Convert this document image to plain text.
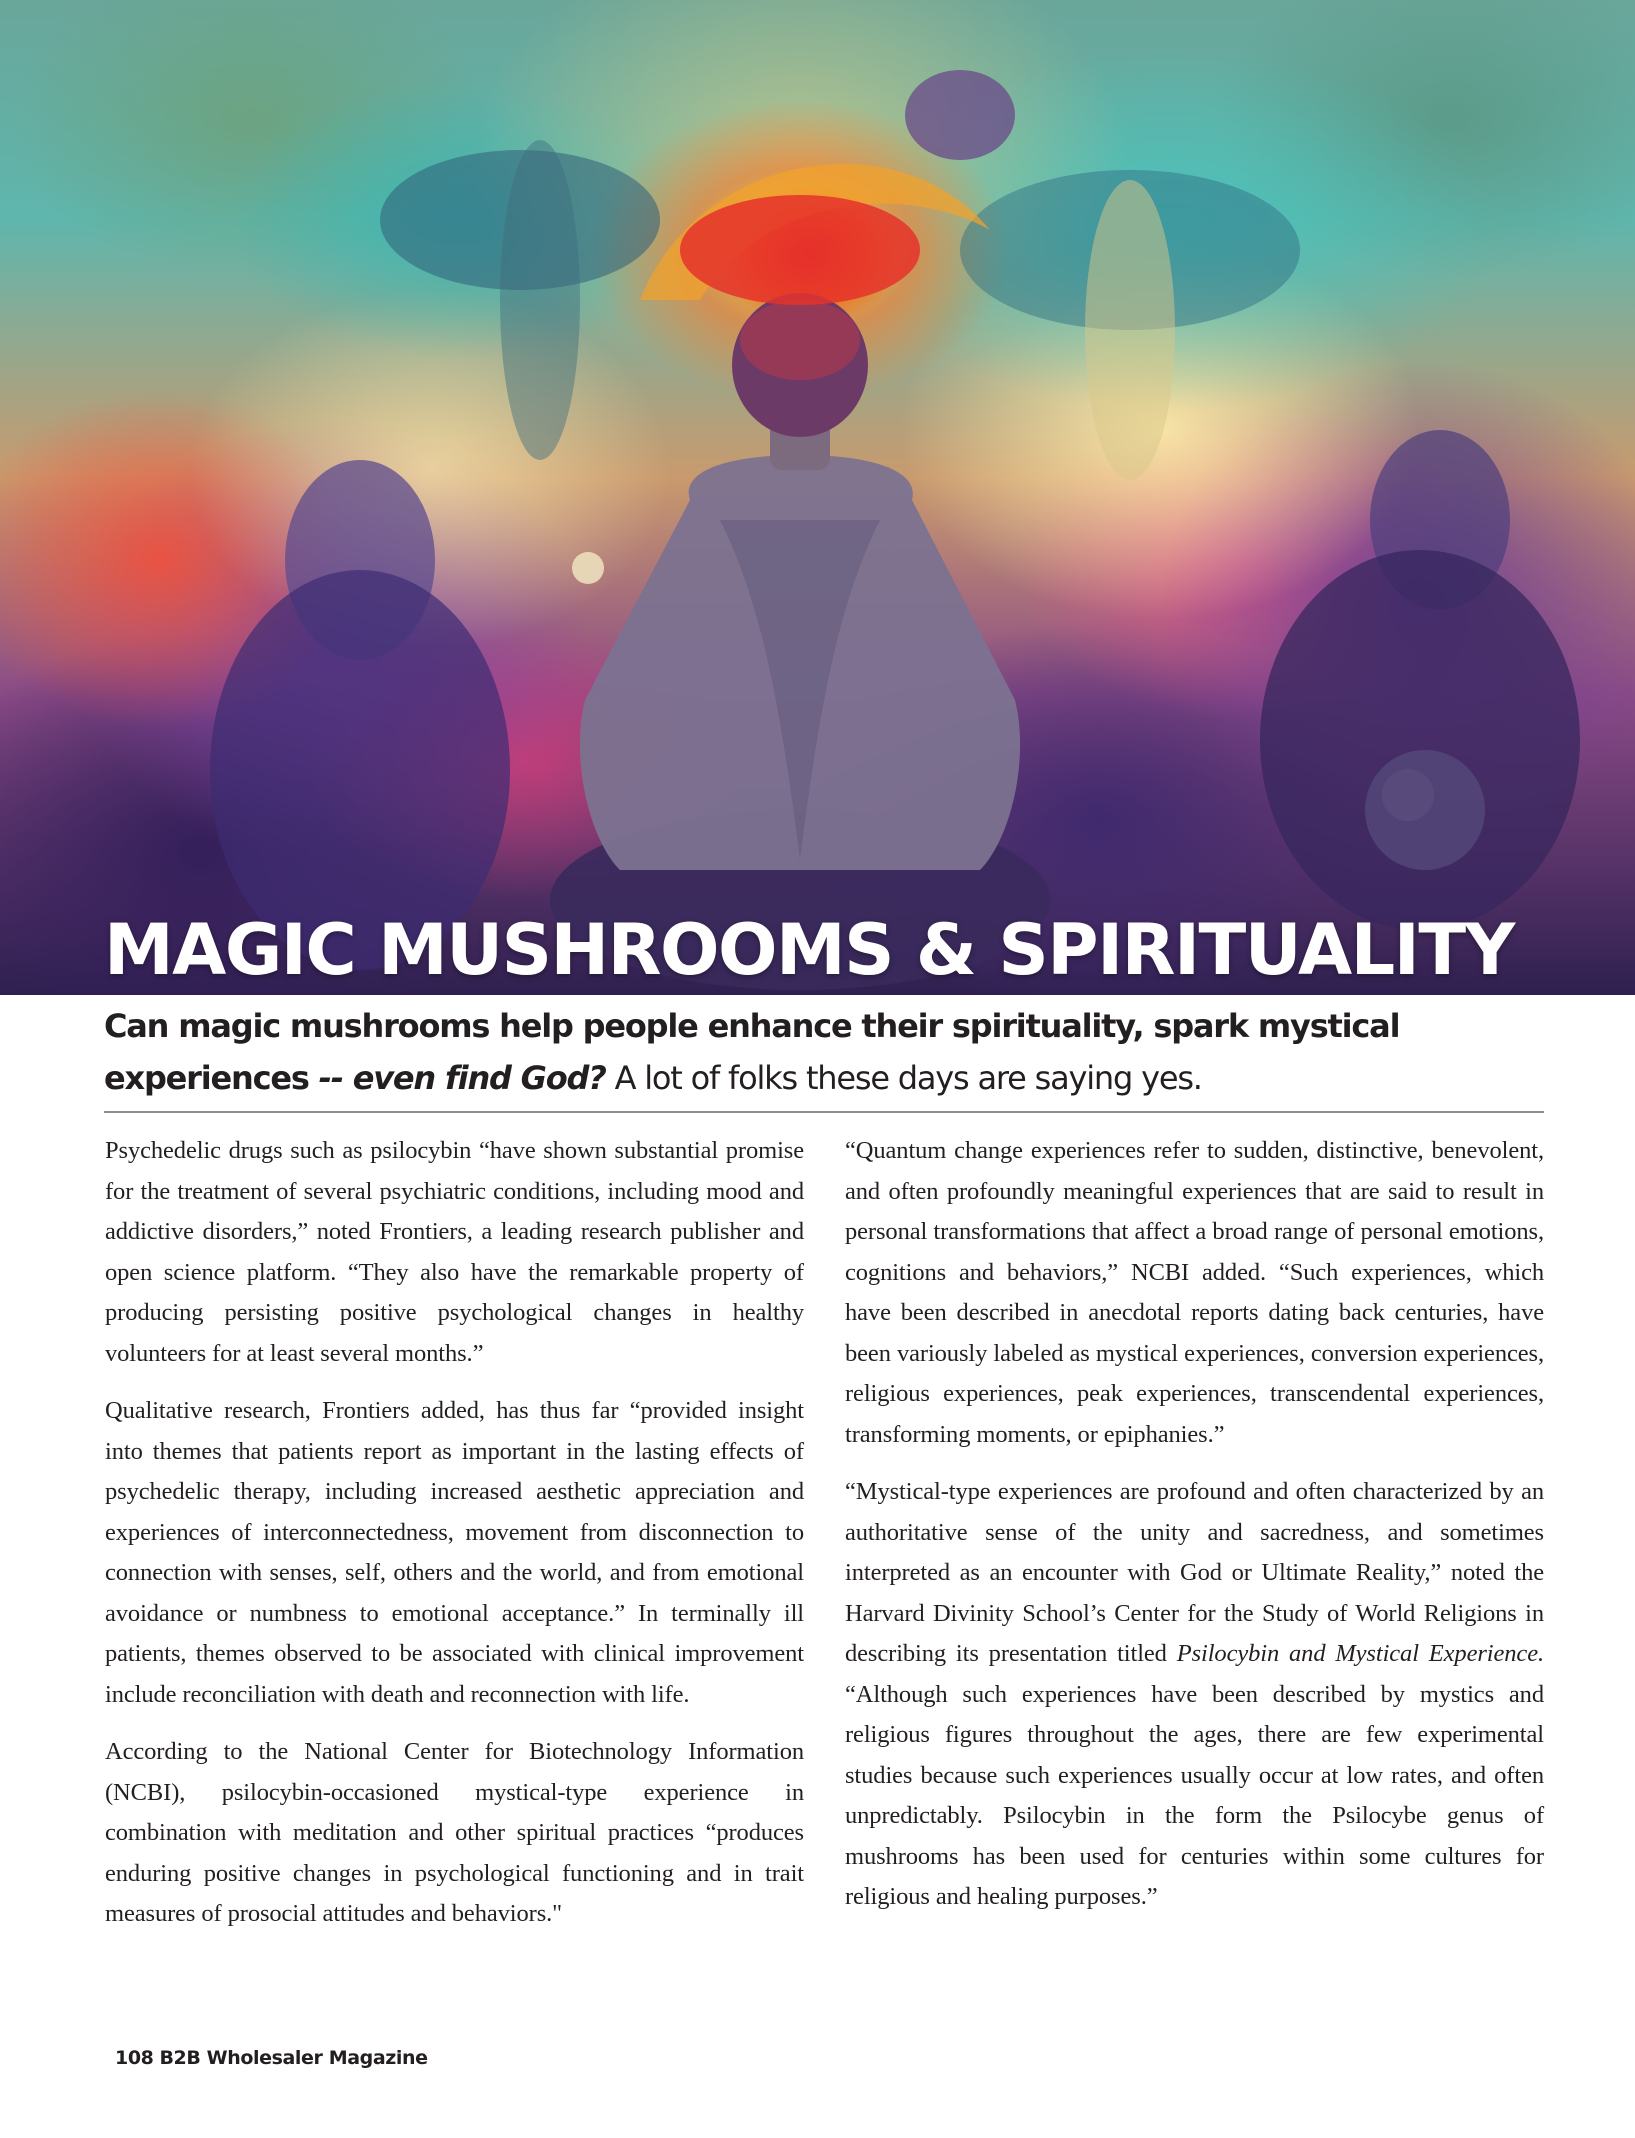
MAGIC MUSHROOMS & SPIRITUALITY
Can magic mushrooms help people enhance their spirituality, spark mystical experiences -- even find God? A lot of folks these days are saying yes.

Psychedelic drugs such as psilocybin “have shown substantial promise for the treatment of several psychiatric conditions, including mood and addictive disorders,” noted Frontiers, a leading research publisher and open science platform. “They also have the remarkable property of producing persisting positive psychological changes in healthy volunteers for at least several months.”

Qualitative research, Frontiers added, has thus far “provided insight into themes that patients report as important in the lasting effects of psychedelic therapy, including increased aesthetic appreciation and experiences of interconnectedness, movement from disconnection to connection with senses, self, others and the world, and from emotional avoidance or numbness to emotional acceptance.” In terminally ill patients, themes observed to be associated with clinical improvement include reconciliation with death and reconnection with life.

According to the National Center for Biotechnology Information (NCBI), psilocybin-occasioned mystical-type experience in combination with meditation and other spiritual practices “produces enduring positive changes in psychological functioning and in trait measures of prosocial attitudes and behaviors."

“Quantum change experiences refer to sudden, distinctive, benevolent, and often profoundly meaningful experiences that are said to result in personal transformations that affect a broad range of personal emotions, cognitions and behaviors,” NCBI added. “Such experiences, which have been described in anecdotal reports dating back centuries, have been variously labeled as mystical experiences, conversion experiences, religious experiences, peak experiences, transcendental experiences, transforming moments, or epiphanies.”

“Mystical-type experiences are profound and often characterized by an authoritative sense of the unity and sacredness, and sometimes interpreted as an encounter with God or Ultimate Reality,” noted the Harvard Divinity School’s Center for the Study of World Religions in describing its presentation titled Psilocybin and Mystical Experience. “Although such experiences have been described by mystics and religious figures throughout the ages, there are few experimental studies because such experiences usually occur at low rates, and often unpredictably. Psilocybin in the form the Psilocybe genus of mushrooms has been used for centuries within some cultures for religious and healing purposes.”

108 B2B Wholesaler Magazine
